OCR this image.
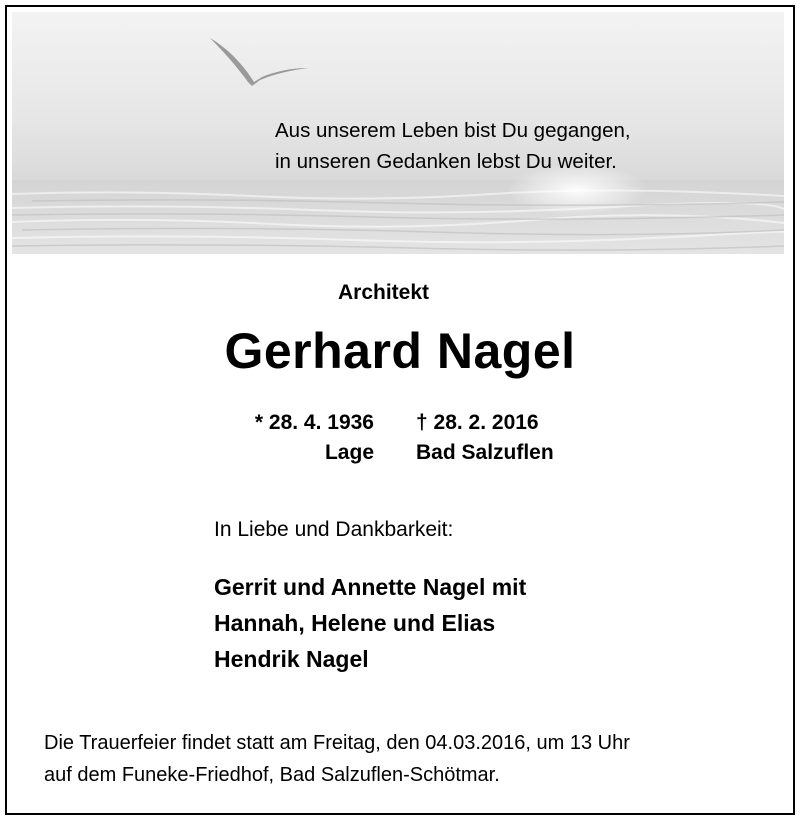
Aus unserem Leben bist Du gegangen,
in unseren Gedanken lebst Du weiter.
Architekt
Gerhard Nagel
* 28. 4. 1936
Lage
† 28. 2. 2016
Bad Salzuflen
In Liebe und Dankbarkeit:
Gerrit und Annette Nagel mit
Hannah, Helene und Elias
Hendrik Nagel
Die Trauerfeier findet statt am Freitag, den 04.03.2016, um 13 Uhr
auf dem Funeke-Friedhof, Bad Salzuflen-Schötmar.
